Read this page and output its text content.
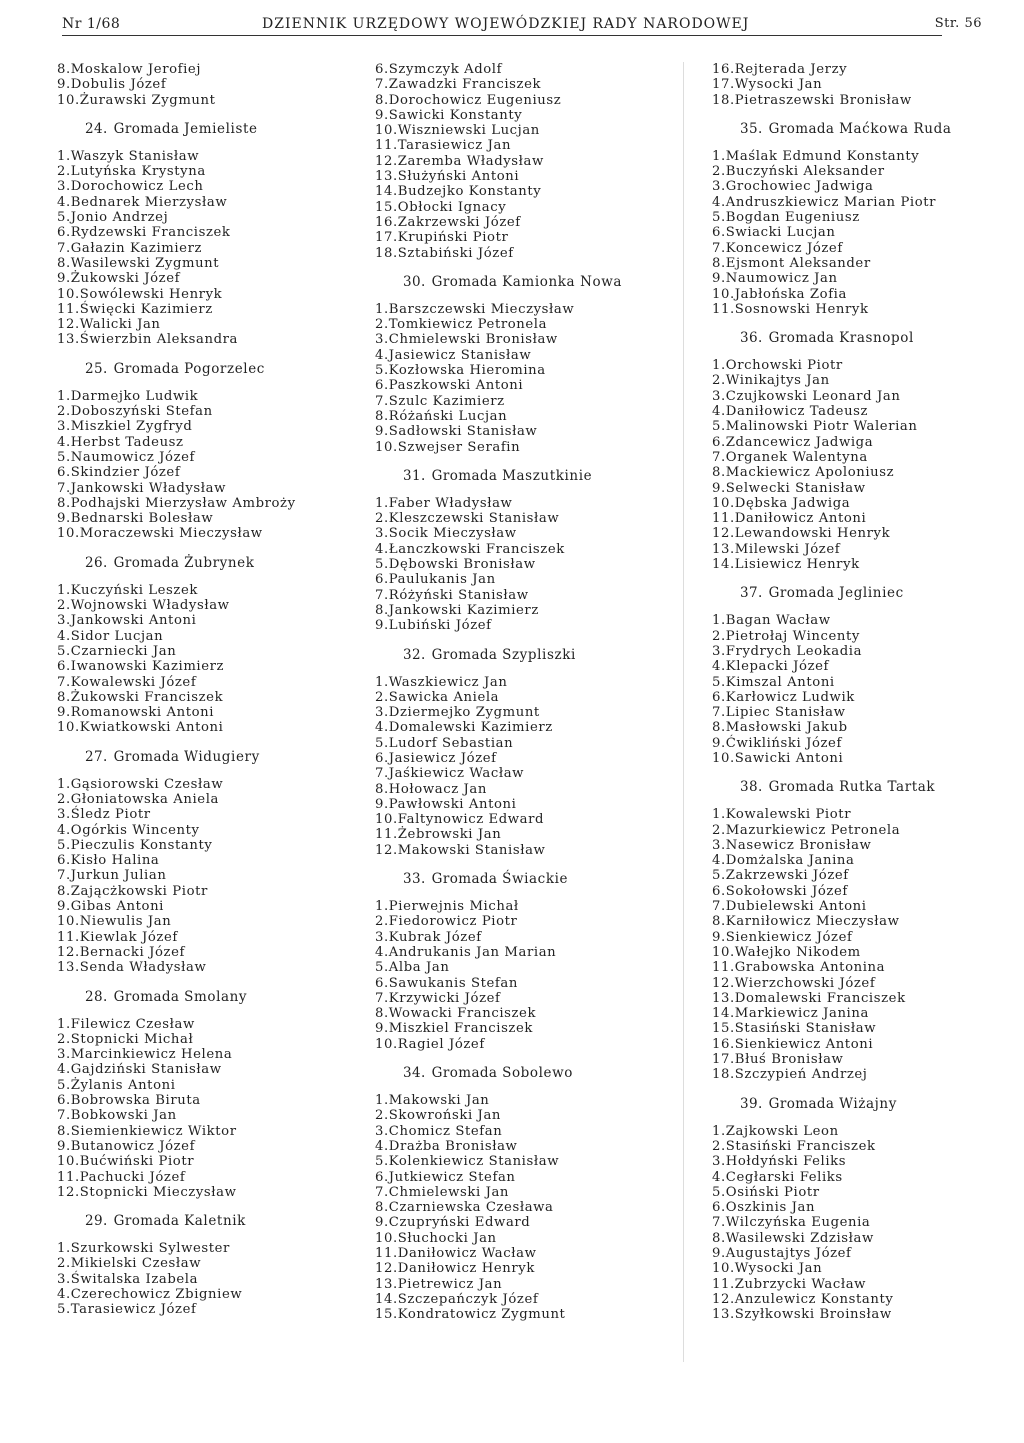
Nr 1/68	DZIENNIK URZĘDOWY WOJEWÓDZKIEJ RADY NARODOWEJ	Str. 56
8.Moskalow Jerofiej
9.Dobulis Józef
10.Żurawski Zygmunt
24. Gromada Jemieliste
1.Waszyk Stanisław
2.Lutyńska Krystyna
3.Dorochowicz Lech
4.Bednarek Mierzysław
5.Jonio Andrzej
6.Rydzewski Franciszek
7.Gałazin Kazimierz
8.Wasilewski Zygmunt
9.Żukowski Józef
10.Sowólewski Henryk
11.Święcki Kazimierz
12.Walicki Jan
13.Świerzbin Aleksandra
25. Gromada Pogorzelec
1.Darmejko Ludwik
2.Doboszyński Stefan
3.Miszkiel Zygfryd
4.Herbst Tadeusz
5.Naumowicz Józef
6.Skindzier Józef
7.Jankowski Władysław
8.Podhajski Mierzysław Ambroży
9.Bednarski Bolesław
10.Moraczewski Mieczysław
26. Gromada Żubrynek
1.Kuczyński Leszek
2.Wojnowski Władysław
3.Jankowski Antoni
4.Sidor Lucjan
5.Czarniecki Jan
6.Iwanowski Kazimierz
7.Kowalewski Józef
8.Żukowski Franciszek
9.Romanowski Antoni
10.Kwiatkowski Antoni
27. Gromada Widugiery
1.Gąsiorowski Czesław
2.Głoniatowska Aniela
3.Śledz Piotr
4.Ogórkis Wincenty
5.Pieczulis Konstanty
6.Kisło Halina
7.Jurkun Julian
8.Zającżkowski Piotr
9.Gibas Antoni
10.Niewulis Jan
11.Kiewlak Józef
12.Bernacki Józef
13.Senda Władysław
28. Gromada Smolany
1.Filewicz Czesław
2.Stopnicki Michał
3.Marcinkiewicz Helena
4.Gajdziński Stanisław
5.Żylanis Antoni
6.Bobrowska Biruta
7.Bobkowski Jan
8.Siemienkiewicz Wiktor
9.Butanowicz Józef
10.Bućwiński Piotr
11.Pachucki Józef
12.Stopnicki Mieczysław
29. Gromada Kaletnik
1.Szurkowski Sylwester
2.Mikielski Czesław
3.Świtalska Izabela
4.Czerechowicz Zbigniew
5.Tarasiewicz Józef
6.Szymczyk Adolf
7.Zawadzki Franciszek
8.Dorochowicz Eugeniusz
9.Sawicki Konstanty
10.Wiszniewski Lucjan
11.Tarasiewicz Jan
12.Zaremba Władysław
13.Służyński Antoni
14.Budzejko Konstanty
15.Obłocki Ignacy
16.Zakrzewski Józef
17.Krupiński Piotr
18.Sztabiński Józef
30. Gromada Kamionka Nowa
1.Barszczewski Mieczysław
2.Tomkiewicz Petronela
3.Chmielewski Bronisław
4.Jasiewicz Stanisław
5.Kozłowska Hieromina
6.Paszkowski Antoni
7.Szulc Kazimierz
8.Różański Lucjan
9.Sadłowski Stanisław
10.Szwejser Serafin
31. Gromada Maszutkinie
1.Faber Władysław
2.Kleszczewski Stanisław
3.Socik Mieczysław
4.Łanczkowski Franciszek
5.Dębowski Bronisław
6.Paulukanis Jan
7.Różyński Stanisław
8.Jankowski Kazimierz
9.Lubiński Józef
32. Gromada Szypliszki
1.Waszkiewicz Jan
2.Sawicka Aniela
3.Dziermejko Zygmunt
4.Domalewski Kazimierz
5.Ludorf Sebastian
6.Jasiewicz Józef
7.Jaśkiewicz Wacław
8.Hołowacz Jan
9.Pawłowski Antoni
10.Faltynowicz Edward
11.Żebrowski Jan
12.Makowski Stanisław
33. Gromada Świackie
1.Pierwejnis Michał
2.Fiedorowicz Piotr
3.Kubrak Józef
4.Andrukanis Jan Marian
5.Alba Jan
6.Sawukanis Stefan
7.Krzywicki Józef
8.Wowacki Franciszek
9.Miszkiel Franciszek
10.Ragiel Józef
34. Gromada Sobolewo
1.Makowski Jan
2.Skowroński Jan
3.Chomicz Stefan
4.Drażba Bronisław
5.Kolenkiewicz Stanisław
6.Jutkiewicz Stefan
7.Chmielewski Jan
8.Czarniewska Czesława
9.Czupryński Edward
10.Słuchocki Jan
11.Daniłowicz Wacław
12.Daniłowicz Henryk
13.Pietrewicz Jan
14.Szczepańczyk Józef
15.Kondratowicz Zygmunt
16.Rejterada Jerzy
17.Wysocki Jan
18.Pietraszewski Bronisław
35. Gromada Maćkowa Ruda
1.Maślak Edmund Konstanty
2.Buczyński Aleksander
3.Grochowiec Jadwiga
4.Andruszkiewicz Marian Piotr
5.Bogdan Eugeniusz
6.Swiacki Lucjan
7.Koncewicz Józef
8.Ejsmont Aleksander
9.Naumowicz Jan
10.Jabłońska Zofia
11.Sosnowski Henryk
36. Gromada Krasnopol
1.Orchowski Piotr
2.Winikajtys Jan
3.Czujkowski Leonard Jan
4.Daniłowicz Tadeusz
5.Malinowski Piotr Walerian
6.Zdancewicz Jadwiga
7.Organek Walentyna
8.Mackiewicz Apoloniusz
9.Selwecki Stanisław
10.Dębska Jadwiga
11.Daniłowicz Antoni
12.Lewandowski Henryk
13.Milewski Józef
14.Lisiewicz Henryk
37. Gromada Jegliniec
1.Bagan Wacław
2.Pietrołaj Wincenty
3.Frydrych Leokadia
4.Klepacki Józef
5.Kimszal Antoni
6.Karłowicz Ludwik
7.Lipiec Stanisław
8.Masłowski Jakub
9.Ćwikliński Józef
10.Sawicki Antoni
38. Gromada Rutka Tartak
1.Kowalewski Piotr
2.Mazurkiewicz Petronela
3.Nasewicz Bronisław
4.Domżalska Janina
5.Zakrzewski Józef
6.Sokołowski Józef
7.Dubielewski Antoni
8.Karniłowicz Mieczysław
9.Sienkiewicz Józef
10.Wałejko Nikodem
11.Grabowska Antonina
12.Wierzchowski Józef
13.Domalewski Franciszek
14.Markiewicz Janina
15.Stasiński Stanisław
16.Sienkiewicz Antoni
17.Błuś Bronisław
18.Szczypień Andrzej
39. Gromada Wiżajny
1.Zajkowski Leon
2.Stasiński Franciszek
3.Hołdyński Feliks
4.Cegłarski Feliks
5.Osiński Piotr
6.Oszkinis Jan
7.Wilczyńska Eugenia
8.Wasilewski Zdzisław
9.Augustajtys Józef
10.Wysocki Jan
11.Zubrzycki Wacław
12.Anzulewicz Konstanty
13.Szyłkowski Broinsław
